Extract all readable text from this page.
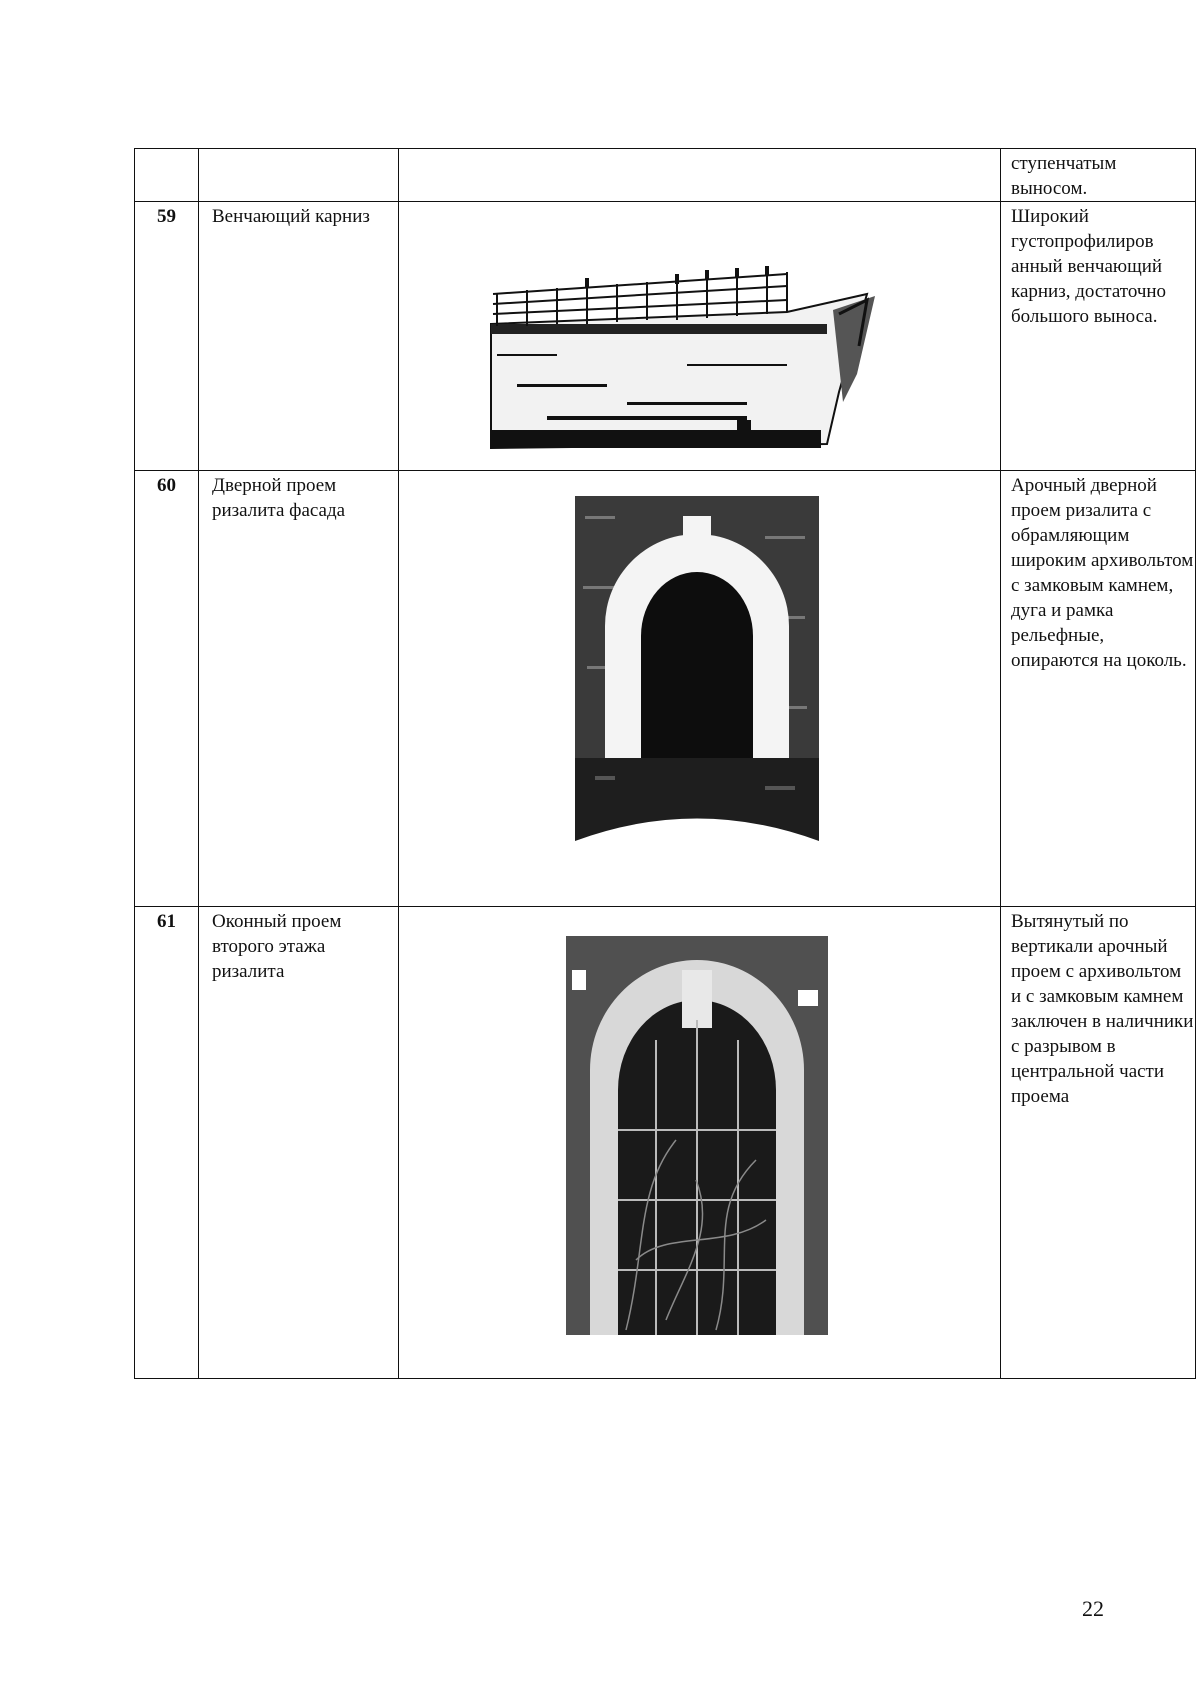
			ступенчатым выносом.
59	Венчающий карниз		Широкий густопрофилиров анный венчающий карниз, достаточно большого выноса.
60	Дверной проем ризалита фасада		Арочный дверной проем ризалита с обрамляющим широким архивольтом с замковым камнем, дуга и рамка рельефные, опираются на цоколь.
61	Оконный проем второго этажа ризалита		Вытянутый по вертикали арочный проем с архивольтом и с замковым камнем заключен в наличники с разрывом в центральной части проема
22
